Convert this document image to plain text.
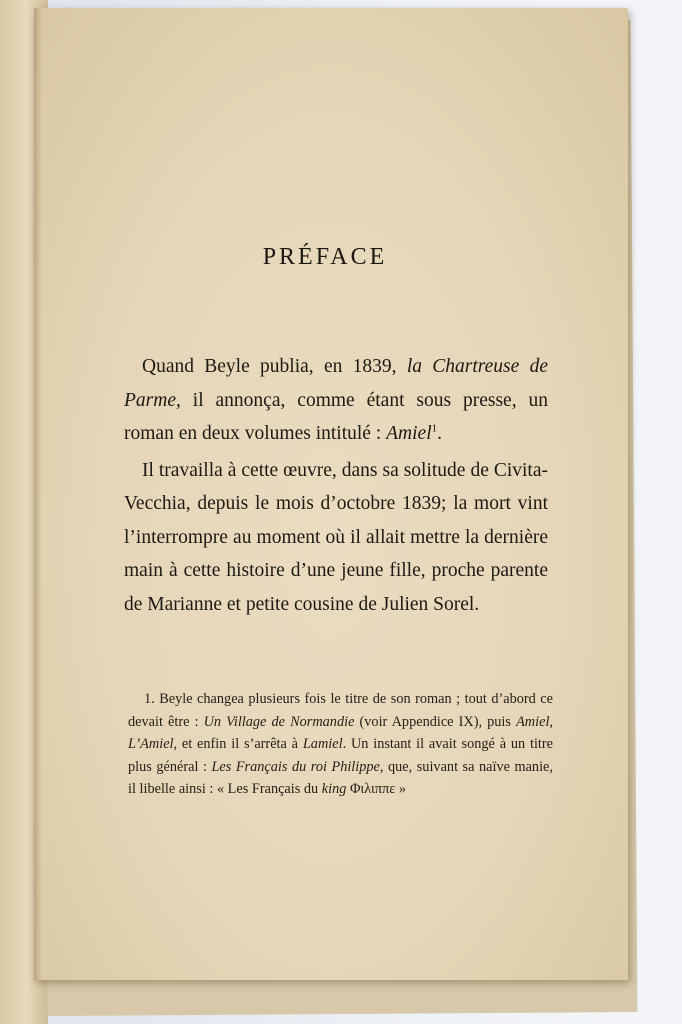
PRÉFACE

Quand Beyle publia, en 1839, la Chartreuse de Parme, il annonça, comme étant sous presse, un roman en deux volumes intitulé : Amiel$^1$.

Il travailla à cette œuvre, dans sa solitude de Civita-Vecchia, depuis le mois d’octobre 1839; la mort vint l’interrompre au moment où il allait mettre la dernière main à cette histoire d’une jeune fille, proche parente de Marianne et petite cousine de Julien Sorel.

1. Beyle changea plusieurs fois le titre de son roman ; tout d’abord ce devait être : Un Village de Normandie (voir Appendice IX), puis Amiel, L’Amiel, et enfin il s’arrêta à Lamiel. Un instant il avait songé à un titre plus général : Les Français du roi Philippe, que, suivant sa naïve manie, il libelle ainsi : « Les Français du king Φιλιππε »
